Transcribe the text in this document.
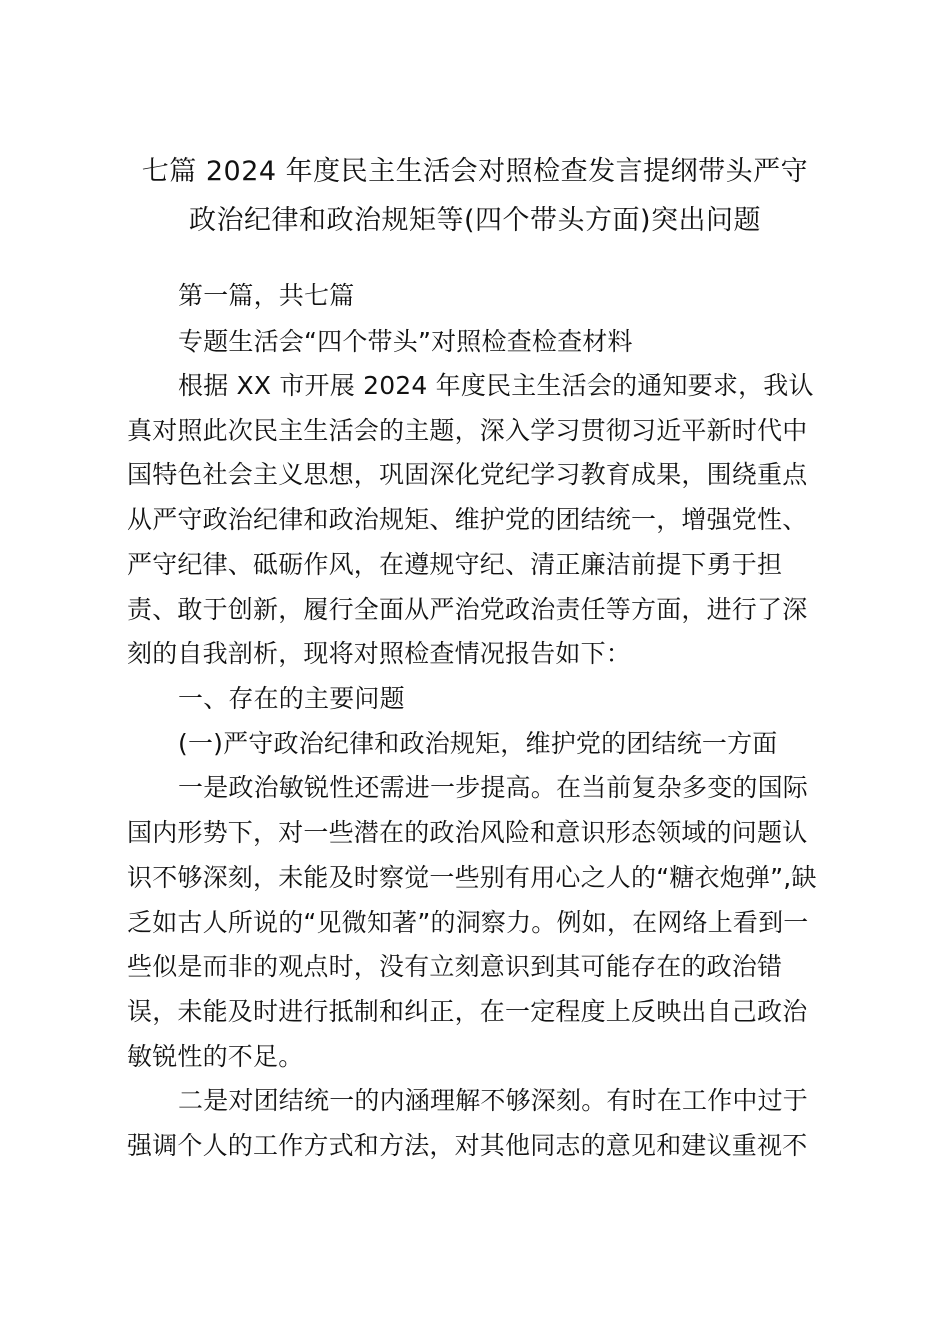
七篇 2024 年度民主生活会对照检查发言提纲带头严守
政治纪律和政治规矩等(四个带头方面)突出问题
第一篇，共七篇
专题生活会“四个带头”对照检查检查材料
根据 XX 市开展 2024 年度民主生活会的通知要求，我认
真对照此次民主生活会的主题，深入学习贯彻习近平新时代中
国特色社会主义思想，巩固深化党纪学习教育成果，围绕重点
从严守政治纪律和政治规矩、维护党的团结统一，增强党性、
严守纪律、砥砺作风，在遵规守纪、清正廉洁前提下勇于担
责、敢于创新，履行全面从严治党政治责任等方面，进行了深
刻的自我剖析，现将对照检查情况报告如下：
一、存在的主要问题
(一)严守政治纪律和政治规矩，维护党的团结统一方面
一是政治敏锐性还需进一步提高。在当前复杂多变的国际
国内形势下，对一些潜在的政治风险和意识形态领域的问题认
识不够深刻，未能及时察觉一些别有用心之人的“糖衣炮弹”,缺
乏如古人所说的“见微知著”的洞察力。例如，在网络上看到一
些似是而非的观点时，没有立刻意识到其可能存在的政治错
误，未能及时进行抵制和纠正，在一定程度上反映出自己政治
敏锐性的不足。
二是对团结统一的内涵理解不够深刻。有时在工作中过于
强调个人的工作方式和方法，对其他同志的意见和建议重视不
